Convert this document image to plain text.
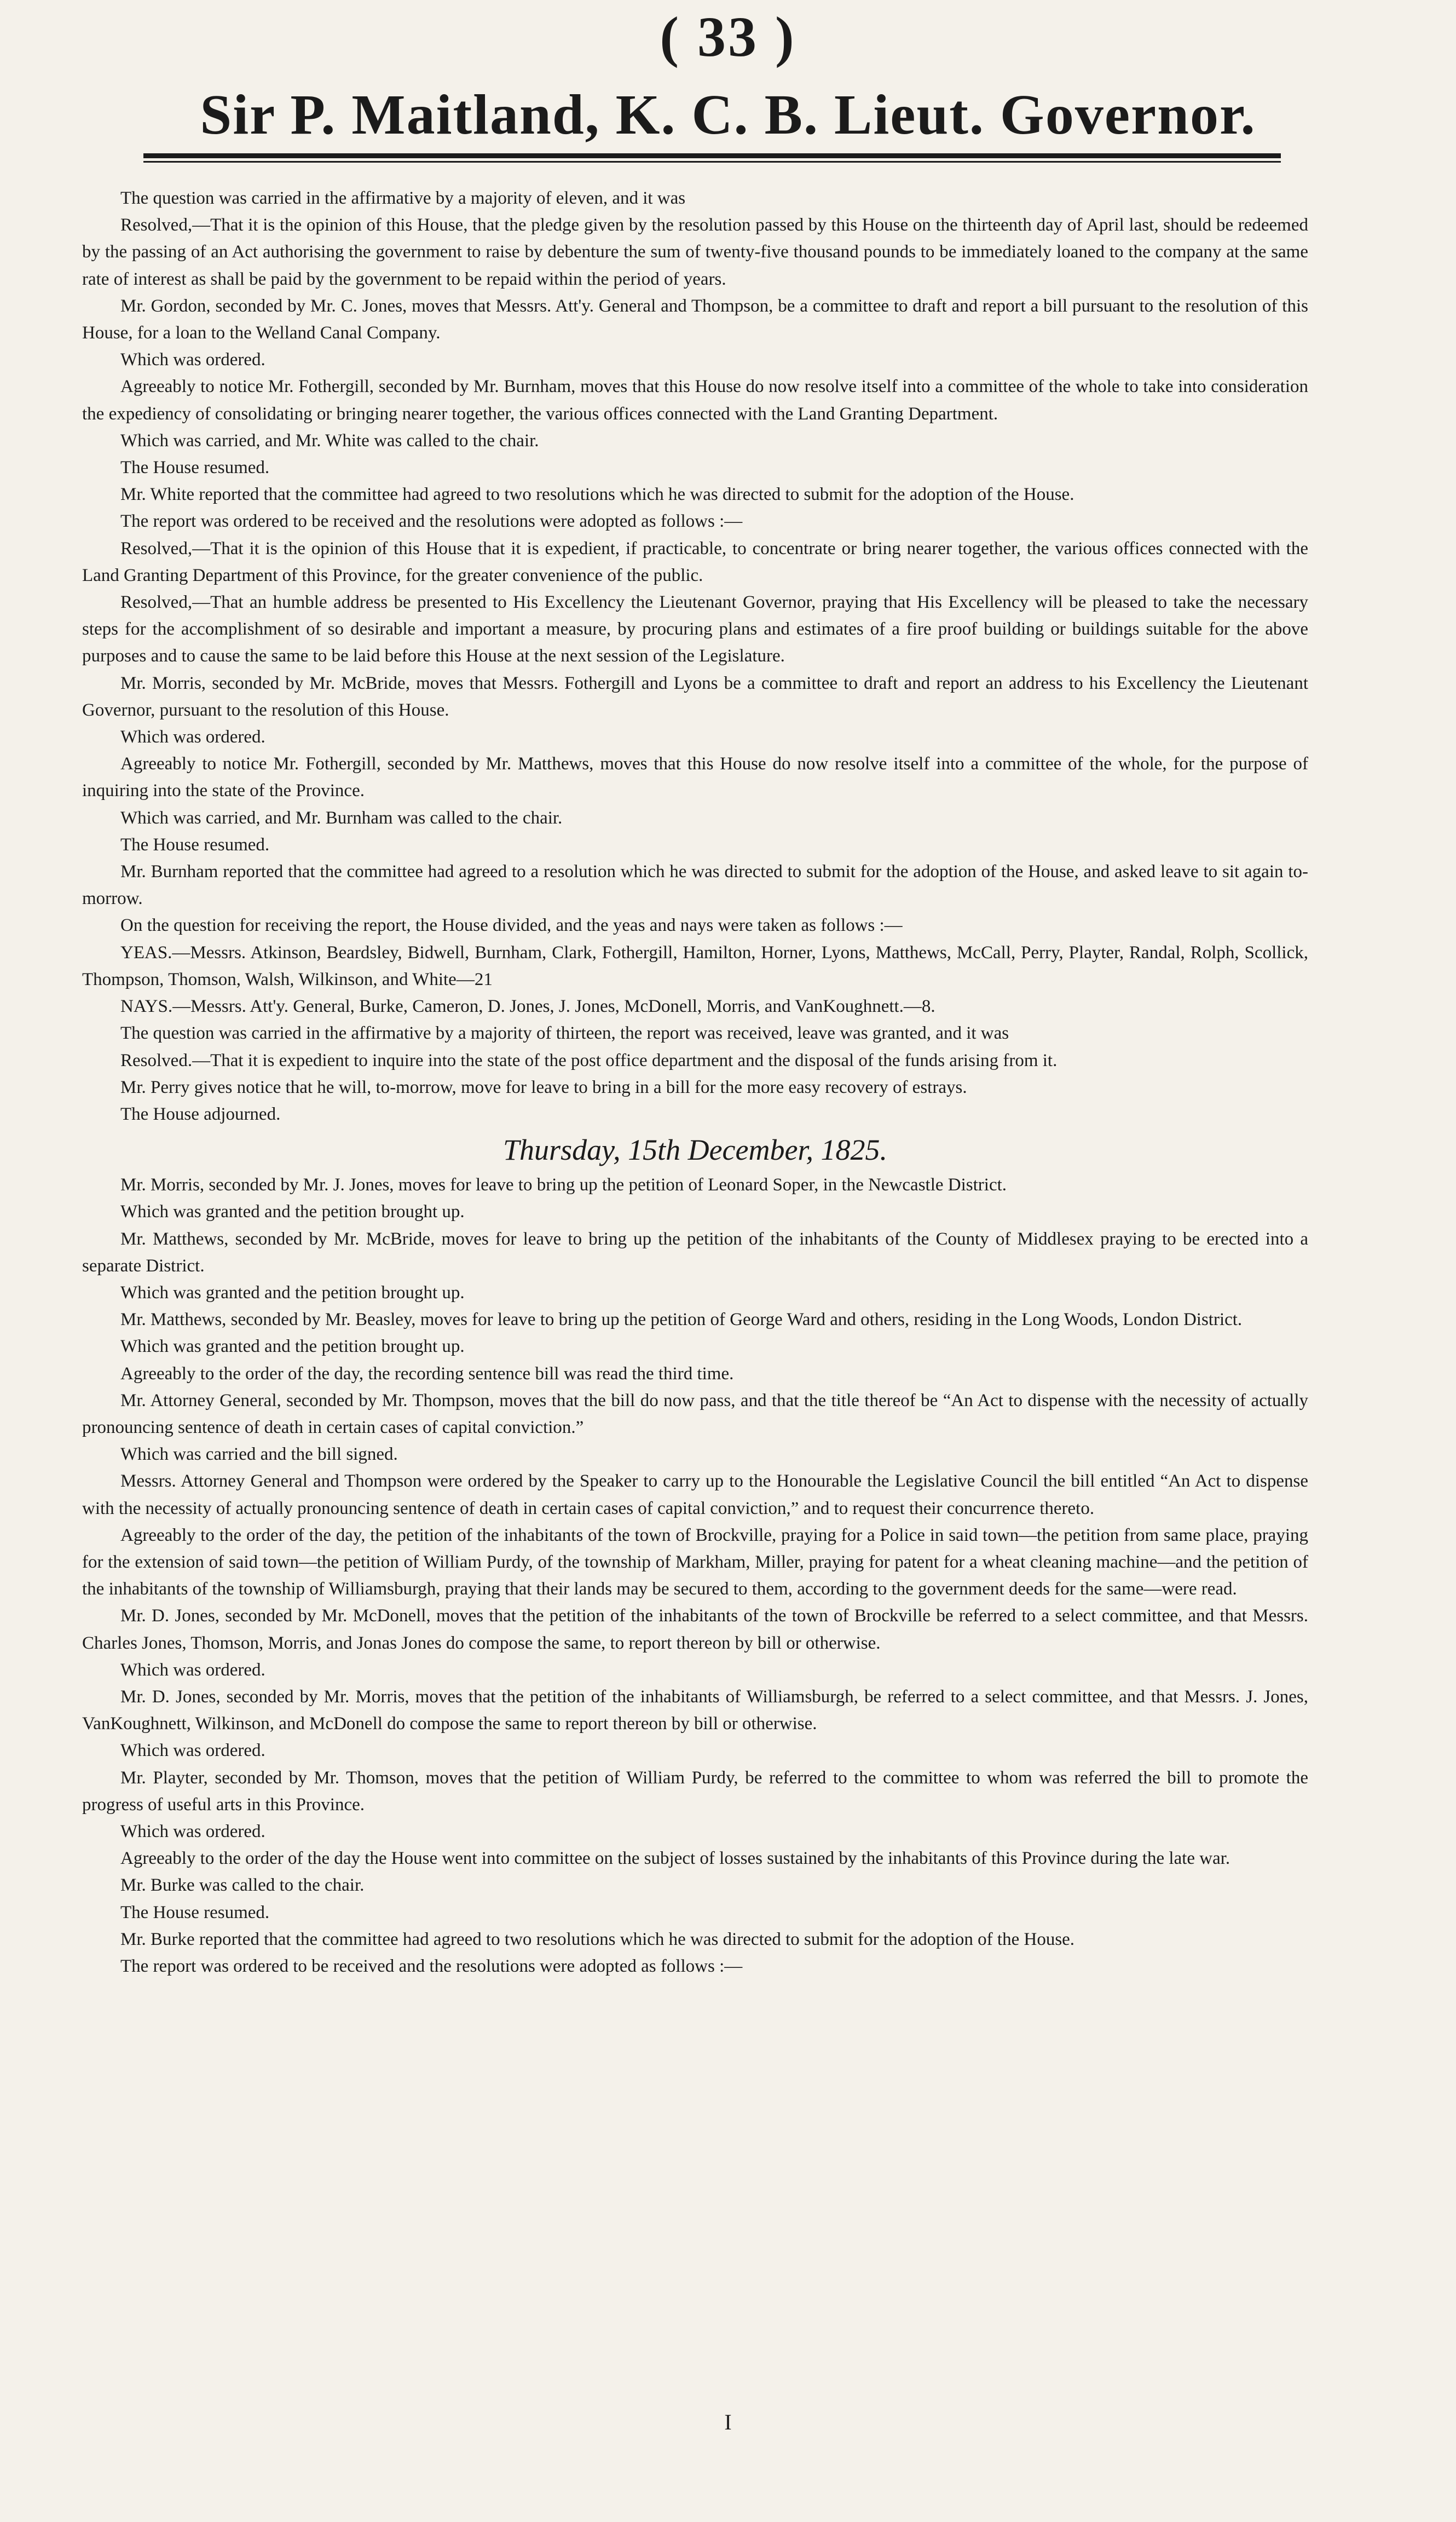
( 33 )
Sir P. Maitland, K. C. B. Lieut. Governor.

The question was carried in the affirmative by a majority of eleven, and it was

Resolved,—That it is the opinion of this House, that the pledge given by the resolution passed by this House on the thirteenth day of April last, should be redeemed by the passing of an Act authorising the government to raise by debenture the sum of twenty-five thousand pounds to be immediately loaned to the company at the same rate of interest as shall be paid by the government to be repaid within the period of years.

Mr. Gordon, seconded by Mr. C. Jones, moves that Messrs. Att'y. General and Thompson, be a committee to draft and report a bill pursuant to the resolution of this House, for a loan to the Welland Canal Company.

Which was ordered.

Agreeably to notice Mr. Fothergill, seconded by Mr. Burnham, moves that this House do now resolve itself into a committee of the whole to take into consideration the expediency of consolidating or bringing nearer together, the various offices connected with the Land Granting Department.

Which was carried, and Mr. White was called to the chair.

The House resumed.

Mr. White reported that the committee had agreed to two resolutions which he was directed to submit for the adoption of the House.

The report was ordered to be received and the resolutions were adopted as follows :—

Resolved,—That it is the opinion of this House that it is expedient, if practicable, to concentrate or bring nearer together, the various offices connected with the Land Granting Department of this Province, for the greater convenience of the public.

Resolved,—That an humble address be presented to His Excellency the Lieutenant Governor, praying that His Excellency will be pleased to take the necessary steps for the accomplishment of so desirable and important a measure, by procuring plans and estimates of a fire proof building or buildings suitable for the above purposes and to cause the same to be laid before this House at the next session of the Legislature.

Mr. Morris, seconded by Mr. McBride, moves that Messrs. Fothergill and Lyons be a committee to draft and report an address to his Excellency the Lieutenant Governor, pursuant to the resolution of this House.

Which was ordered.

Agreeably to notice Mr. Fothergill, seconded by Mr. Matthews, moves that this House do now resolve itself into a committee of the whole, for the purpose of inquiring into the state of the Province.

Which was carried, and Mr. Burnham was called to the chair.

The House resumed.

Mr. Burnham reported that the committee had agreed to a resolution which he was directed to submit for the adoption of the House, and asked leave to sit again to-morrow.

On the question for receiving the report, the House divided, and the yeas and nays were taken as follows :—

YEAS.—Messrs. Atkinson, Beardsley, Bidwell, Burnham, Clark, Fothergill, Hamilton, Horner, Lyons, Matthews, McCall, Perry, Playter, Randal, Rolph, Scollick, Thompson, Thomson, Walsh, Wilkinson, and White—21

NAYS.—Messrs. Att'y. General, Burke, Cameron, D. Jones, J. Jones, McDonell, Morris, and VanKoughnett.—8.

The question was carried in the affirmative by a majority of thirteen, the report was received, leave was granted, and it was

Resolved.—That it is expedient to inquire into the state of the post office department and the disposal of the funds arising from it.

Mr. Perry gives notice that he will, to-morrow, move for leave to bring in a bill for the more easy recovery of estrays.

The House adjourned.

Thursday, 15th December, 1825.

Mr. Morris, seconded by Mr. J. Jones, moves for leave to bring up the petition of Leonard Soper, in the Newcastle District.

Which was granted and the petition brought up.

Mr. Matthews, seconded by Mr. McBride, moves for leave to bring up the petition of the inhabitants of the County of Middlesex praying to be erected into a separate District.

Which was granted and the petition brought up.

Mr. Matthews, seconded by Mr. Beasley, moves for leave to bring up the petition of George Ward and others, residing in the Long Woods, London District.

Which was granted and the petition brought up.

Agreeably to the order of the day, the recording sentence bill was read the third time.

Mr. Attorney General, seconded by Mr. Thompson, moves that the bill do now pass, and that the title thereof be “An Act to dispense with the necessity of actually pronouncing sentence of death in certain cases of capital conviction.”

Which was carried and the bill signed.

Messrs. Attorney General and Thompson were ordered by the Speaker to carry up to the Honourable the Legislative Council the bill entitled “An Act to dispense with the necessity of actually pronouncing sentence of death in certain cases of capital conviction,” and to request their concurrence thereto.

Agreeably to the order of the day, the petition of the inhabitants of the town of Brockville, praying for a Police in said town—the petition from same place, praying for the extension of said town—the petition of William Purdy, of the township of Markham, Miller, praying for patent for a wheat cleaning machine—and the petition of the inhabitants of the township of Williamsburgh, praying that their lands may be secured to them, according to the government deeds for the same—were read.

Mr. D. Jones, seconded by Mr. McDonell, moves that the petition of the inhabitants of the town of Brockville be referred to a select committee, and that Messrs. Charles Jones, Thomson, Morris, and Jonas Jones do compose the same, to report thereon by bill or otherwise.

Which was ordered.

Mr. D. Jones, seconded by Mr. Morris, moves that the petition of the inhabitants of Williamsburgh, be referred to a select committee, and that Messrs. J. Jones, VanKoughnett, Wilkinson, and McDonell do compose the same to report thereon by bill or otherwise.

Which was ordered.

Mr. Playter, seconded by Mr. Thomson, moves that the petition of William Purdy, be referred to the committee to whom was referred the bill to promote the progress of useful arts in this Province.

Which was ordered.

Agreeably to the order of the day the House went into committee on the subject of losses sustained by the inhabitants of this Province during the late war.

Mr. Burke was called to the chair.

The House resumed.

Mr. Burke reported that the committee had agreed to two resolutions which he was directed to submit for the adoption of the House.

The report was ordered to be received and the resolutions were adopted as follows :—

I
